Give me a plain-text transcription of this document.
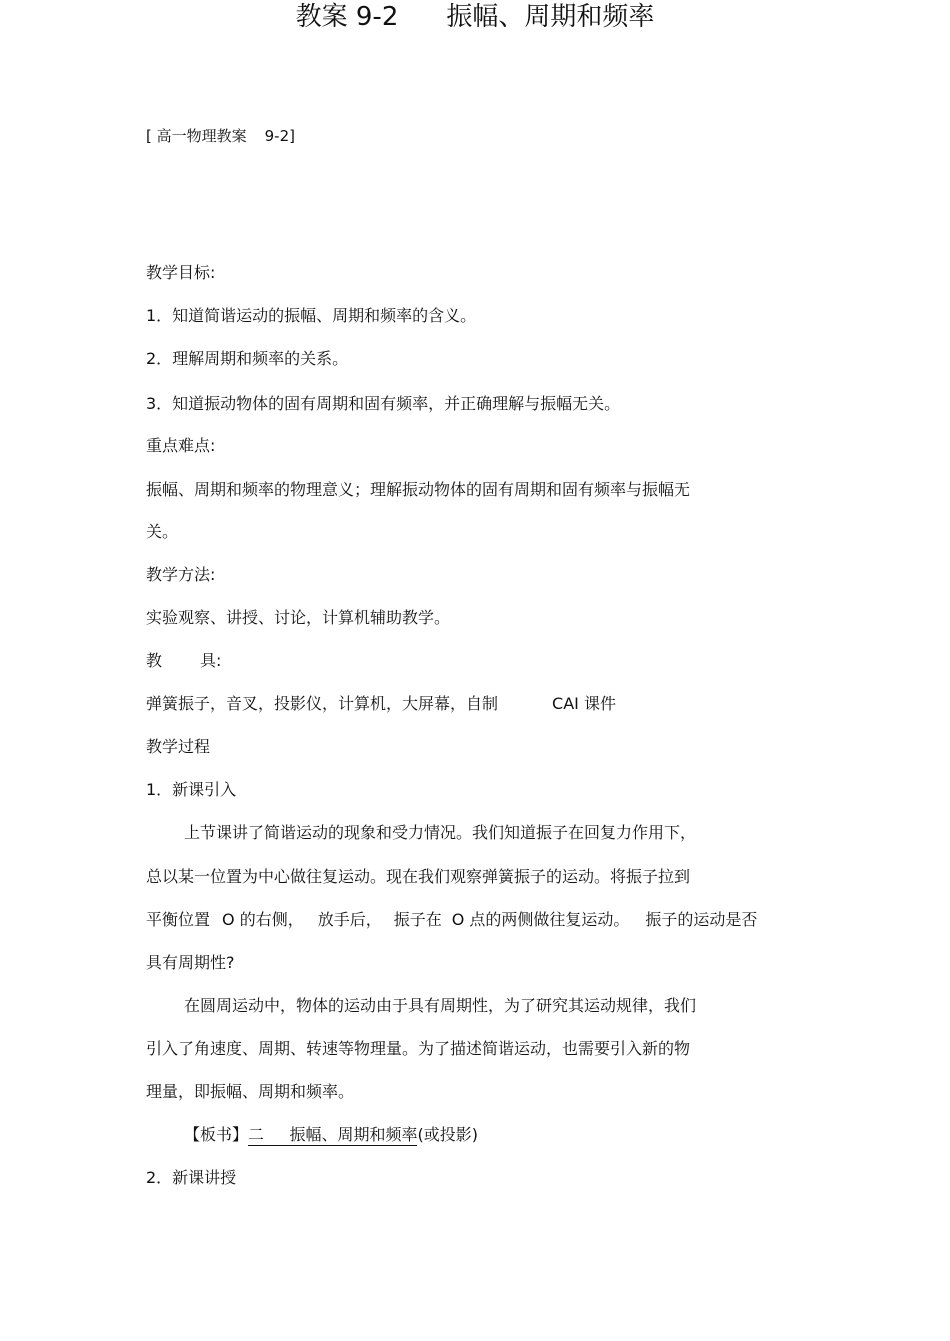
[ 高一物理教案 9-2]
教案 9-2 振幅、周期和频率
教学目标:
1．知道简谐运动的振幅、周期和频率的含义。
2．理解周期和频率的关系。
3．知道振动物体的固有周期和固有频率，并正确理解与振幅无关。
重点难点:
振幅、周期和频率的物理意义；理解振动物体的固有周期和固有频率与振幅无
关。
教学方法:
实验观察、讲授、讨论，计算机辅助教学。
教 具:
弹簧振子，音叉，投影仪，计算机，大屏幕，自制	CAI 课件
教学过程
1．新课引入
上节课讲了简谐运动的现象和受力情况。我们知道振子在回复力作用下，
总以某一位置为中心做往复运动。现在我们观察弹簧振子的运动。将振子拉到
平衡位置 O 的右侧， 放手后， 振子在 O 点的两侧做往复运动。 振子的运动是否
具有周期性?
在圆周运动中，物体的运动由于具有周期性，为了研究其运动规律，我们
引入了角速度、周期、转速等物理量。为了描述简谐运动，也需要引入新的物
理量，即振幅、周期和频率。
【板书】二     振幅、周期和频率(或投影)
2．新课讲授
